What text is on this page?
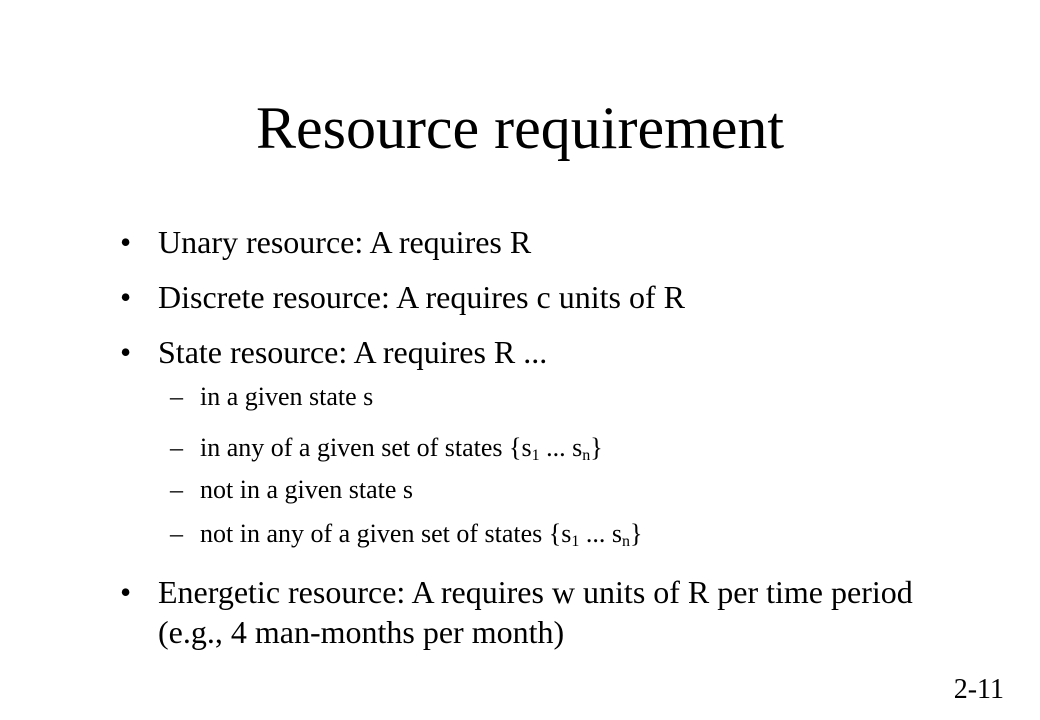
Resource requirement
• Unary resource: A requires R
• Discrete resource: A requires c units of R
• State resource: A requires R ...
– in a given state s
– in any of a given set of states {$s_1$ ... $s_n$}
– not in a given state s
– not in any of a given set of states {$s_1$ ... $s_n$}
• Energetic resource: A requires w units of R per time period (e.g., 4 man-months per month)
2-11
